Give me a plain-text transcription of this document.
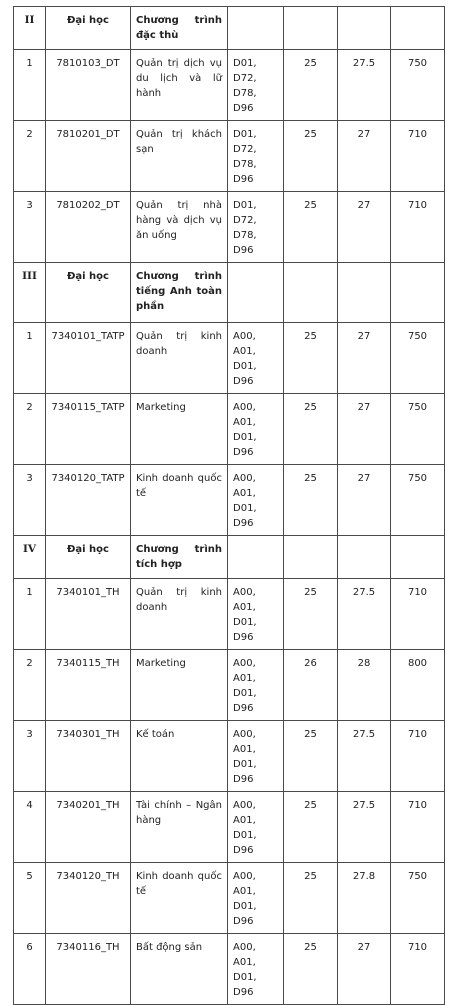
II	Đại học	Chương trình đặc thù				
1	7810103_DT	Quản trị dịch vụ du lịch và lữ hành	D01, D72, D78, D96	25	27.5	750
2	7810201_DT	Quản trị khách sạn	D01, D72, D78, D96	25	27	710
3	7810202_DT	Quản trị nhà hàng và dịch vụ ăn uống	D01, D72, D78, D96	25	27	710
III	Đại học	Chương trình tiếng Anh toàn phần				
1	7340101_TATP	Quản trị kinh doanh	A00, A01, D01, D96	25	27	750
2	7340115_TATP	Marketing	A00, A01, D01, D96	25	27	750
3	7340120_TATP	Kinh doanh quốc tế	A00, A01, D01, D96	25	27	750
IV	Đại học	Chương trình tích hợp				
1	7340101_TH	Quản trị kinh doanh	A00, A01, D01, D96	25	27.5	710
2	7340115_TH	Marketing	A00, A01, D01, D96	26	28	800
3	7340301_TH	Kế toán	A00, A01, D01, D96	25	27.5	710
4	7340201_TH	Tài chính – Ngân hàng	A00, A01, D01, D96	25	27.5	710
5	7340120_TH	Kinh doanh quốc tế	A00, A01, D01, D96	25	27.8	750
6	7340116_TH	Bất động sản	A00, A01, D01, D96	25	27	710
